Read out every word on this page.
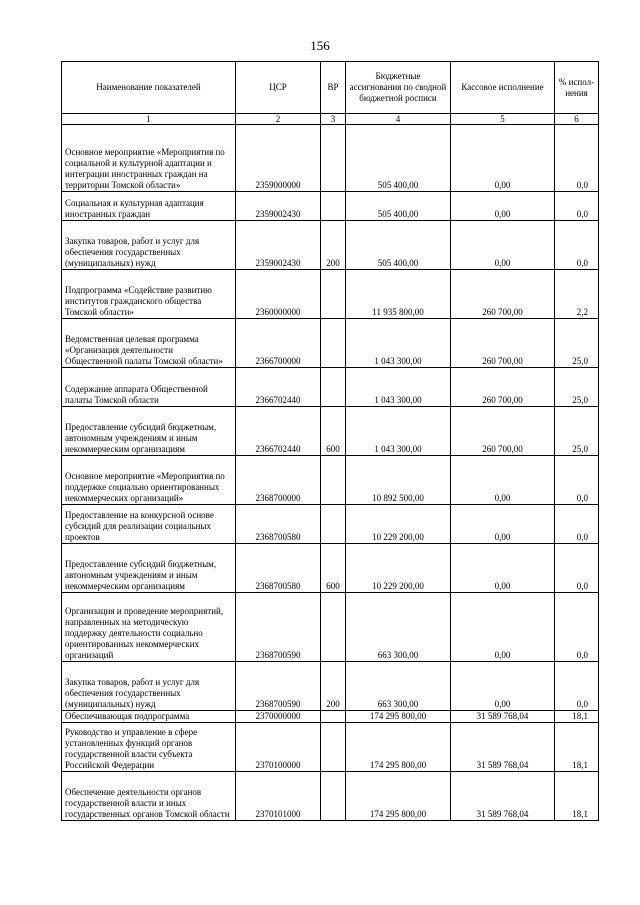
156
Наименование показателей	ЦСР	ВР	Бюджетные ассигнования по сводной бюджетной росписи	Кассовое исполнение	% испол-нения
1	2	3	4	5	6
Основное мероприятие «Мероприятия по социальной и культурной адаптации и интеграции иностранных граждан на территории Томской области»	2359000000		505 400,00	0,00	0,0
Социальная и культурная адаптация иностранных граждан	2359002430		505 400,00	0,00	0,0
Закупка товаров, работ и услуг для обеспечения государственных (муниципальных) нужд	2359002430	200	505 400,00	0,00	0,0
Подпрограмма «Содействие развитию институтов гражданского общества Томской области»	2360000000		11 935 800,00	260 700,00	2,2
Ведомственная целевая программа «Организация деятельности Общественной палаты Томской области»	2366700000		1 043 300,00	260 700,00	25,0
Содержание аппарата Общественной палаты Томской области	2366702440		1 043 300,00	260 700,00	25,0
Предоставление субсидий бюджетным, автономным учреждениям и иным некоммерческим организациям	2366702440	600	1 043 300,00	260 700,00	25,0
Основное мероприятие «Мероприятия по поддержке социально ориентированных некоммерческих организаций»	2368700000		10 892 500,00	0,00	0,0
Предоставление на конкурсной основе субсидий для реализации социальных проектов	2368700580		10 229 200,00	0,00	0,0
Предоставление субсидий бюджетным, автономным учреждениям и иным некоммерческим организациям	2368700580	600	10 229 200,00	0,00	0,0
Организация и проведение мероприятий, направленных на методическую поддержку деятельности социально ориентированных некоммерческих организаций	2368700590		663 300,00	0,00	0,0
Закупка товаров, работ и услуг для обеспечения государственных (муниципальных) нужд	2368700590	200	663 300,00	0,00	0,0
Обеспечивающая подпрограмма	2370000000		174 295 800,00	31 589 768,04	18,1
Руководство и управление в сфере установленных функций органов государственной власти субъекта Российской Федерации	2370100000		174 295 800,00	31 589 768,04	18,1
Обеспечение деятельности органов государственной власти и иных государственных органов Томской области	2370101000		174 295 800,00	31 589 768,04	18,1
